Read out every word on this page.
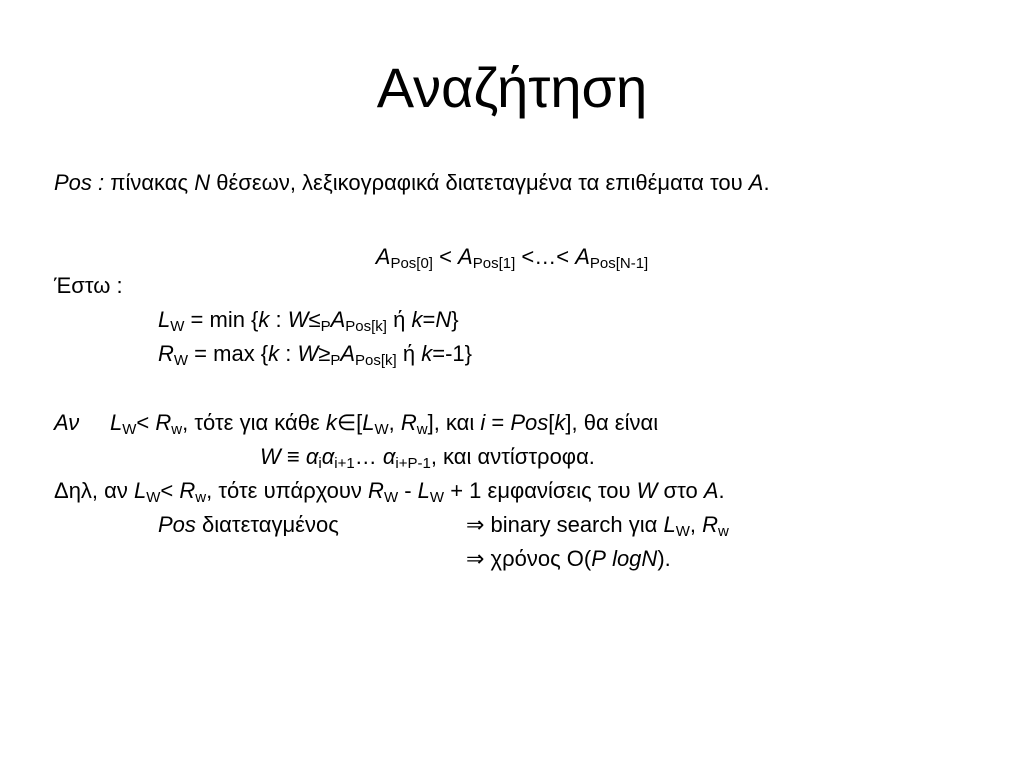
Αναζήτηση
Pos : πίνακας N θέσεων, λεξικογραφικά διατεταγμένα τα επιθέματα του A.
$A_{Pos[0]} < A_{Pos[1]}$ <…< $A_{Pos[N-1]}$
Έστω :
$L_W = \min \{k$ : $W\le_PA_{Pos[k]}$ ή k=N}
$R_W = \max \{k$ : $W\ge_PA_{Pos[k]}$ ή k=-1}
Αν $L_W< R_w$, τότε για κάθε $k\in[L_W$, $R_w$], και i = Pos[k], θα είναι
$W \equiv \alpha_i\alpha_{i+1}\dots$ $\alpha_{i+P-1}$, και αντίστροφα.
Δηλ, αν $L_W< R_w$, τότε υπάρχουν $R_W - L_W + 1$ εμφανίσεις του W στο A.
Pos διατεταγμένος	⇒ binary search για $L_W$, $R_w$
⇒ χρόνος O(P logN).
